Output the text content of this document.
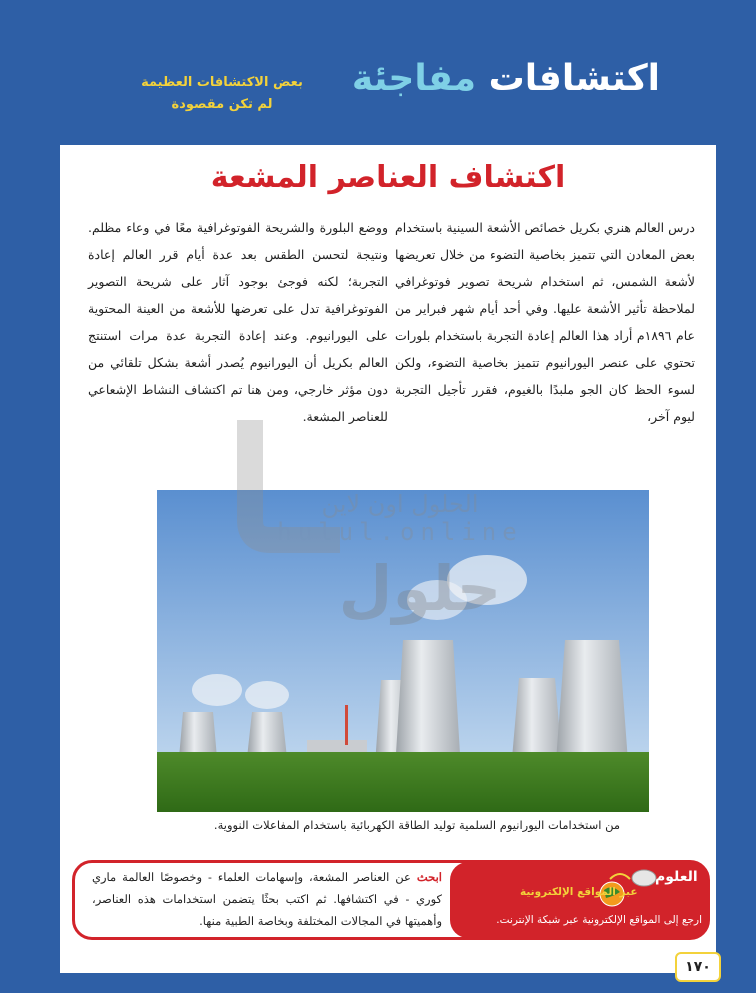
اكتشافات مفاجئة
بعض الاكتشافات العظيمة
لم تكن مقصودة
اكتشاف العناصر المشعة
درس العالم هنري بكريل خصائص الأشعة السينية باستخدام بعض المعادن التي تتميز بخاصية التضوء من خلال تعريضها لأشعة الشمس، ثم استخدام شريحة تصوير فوتوغرافي لملاحظة تأثير الأشعة عليها. وفي أحد أيام شهر فبراير من عام ١٨٩٦م أراد هذا العالم إعادة التجربة باستخدام بلورات تحتوي على عنصر اليورانيوم تتميز بخاصية التضوء، ولكن لسوء الحظ كان الجو ملبدًا بالغيوم، فقرر تأجيل التجربة ليوم آخر،
ووضع البلورة والشريحة الفوتوغرافية معًا في وعاء مظلم. ونتيجة لتحسن الطقس بعد عدة أيام قرر العالم إعادة التجربة؛ لكنه فوجئ بوجود آثار على شريحة التصوير الفوتوغرافية تدل على تعرضها للأشعة من العينة المحتوية على اليورانيوم. وعند إعادة التجربة عدة مرات استنتج العالم بكريل أن اليورانيوم يُصدر أشعة بشكل تلقائي من دون مؤثر خارجي، ومن هنا تم اكتشاف النشاط الإشعاعي للعناصر المشعة.
حلول
الحلول اون لاين
hulul.online
من استخدامات اليورانيوم السلمية توليد الطاقة الكهربائية باستخدام المفاعلات النووية.
العلوم
عبر المواقع الإلكترونية
ارجع إلى المواقع الإلكترونية عبر شبكة الإنترنت.
ابحث عن العناصر المشعة، وإسهامات العلماء - وخصوصًا العالمة ماري كوري - في اكتشافها. ثم اكتب بحثًا يتضمن استخدامات هذه العناصر، وأهميتها في المجالات المختلفة وبخاصة الطبية منها.
١٧٠
